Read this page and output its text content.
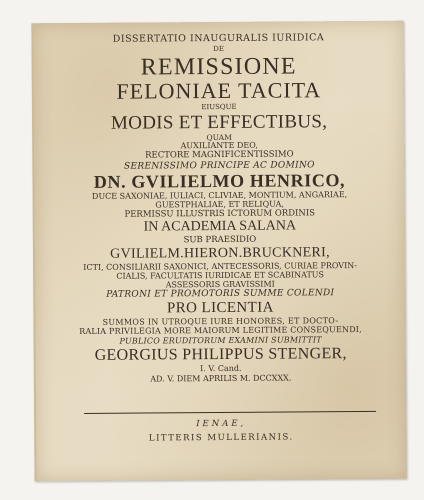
DISSERTATIO INAUGURALIS IURIDICA
DE
REMISSIONE
FELONIAE TACITA
EIUSQUE
MODIS ET EFFECTIBUS,
QUAM
AUXILIANTE DEO,
RECTORE MAGNIFICENTISSIMO
SERENISSIMO PRINCIPE AC DOMINO
DN. GVILIELMO HENRICO,
DUCE SAXONIAE, IULIACI, CLIVIAE, MONTIUM, ANGARIAE,
GUESTPHALIAE, ET RELIQUA,
PERMISSU ILLUSTRIS ICTORUM ORDINIS
IN ACADEMIA SALANA
SUB PRAESIDIO
GVILIELM.HIERON.BRUCKNERI,
ICTI, CONSILIARII SAXONICI, ANTECESSORIS, CURIAE PROVIN-
CIALIS, FACULTATIS IURIDICAE ET SCABINATUS
ASSESSORIS GRAVISSIMI
PATRONI ET PROMOTORIS SUMME COLENDI
PRO LICENTIA
SUMMOS IN UTROQUE IURE HONORES, ET DOCTO-
RALIA PRIVILEGIA MORE MAIORUM LEGITIME CONSEQUENDI,
PUBLICO ERUDITORUM EXAMINI SUBMITTIT
GEORGIUS PHILIPPUS STENGER,
I. V. Cand.
AD. V. DIEM APRILIS M. DCCXXX.
IENAE,
LITTERIS MULLERIANIS.
